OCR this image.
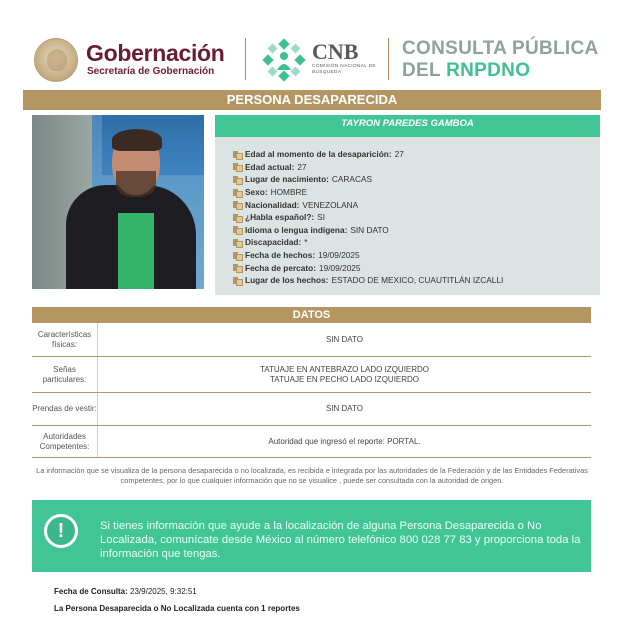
Gobernación
Secretaría de Gobernación
CNB
COMISIÓN NACIONAL DE BÚSQUEDA
CONSULTA PÚBLICA
DEL RNPDNO
PERSONA DESAPARECIDA
TAYRON PAREDES GAMBOA
Edad al momento de la desaparición: 27
Edad actual: 27
Lugar de nacimiento: CARACAS
Sexo: HOMBRE
Nacionalidad: VENEZOLANA
¿Habla español?: SI
Idioma o lengua indígena: SIN DATO
Discapacidad: *
Fecha de hechos: 19/09/2025
Fecha de percato: 19/09/2025
Lugar de los hechos: ESTADO DE MEXICO, CUAUTITLÁN IZCALLI
DATOS
Características físicas:
SIN DATO
Señas particulares:
TATUAJE EN ANTEBRAZO LADO IZQUIERDO
TATUAJE EN PECHO LADO IZQUIERDO
Prendas de vestir:	SIN DATO
Autoridades Competentes:
Autoridad que ingresó el reporte: PORTAL.
La información que se visualiza de la persona desaparecida o no localizada, es recibida e integrada por las autoridades de la Federación y de las Entidades Federativas competentes, por lo que cualquier información que no se visualice , puede ser consultada con la autoridad de origen.
!	Si tienes información que ayude a la localización de alguna Persona Desaparecida o No Localizada, comunícate desde México al número telefónico 800 028 77 83 y proporciona toda la información que tengas.
Fecha de Consulta: 23/9/2025, 9:32:51
La Persona Desaparecida o No Localizada cuenta con 1 reportes
